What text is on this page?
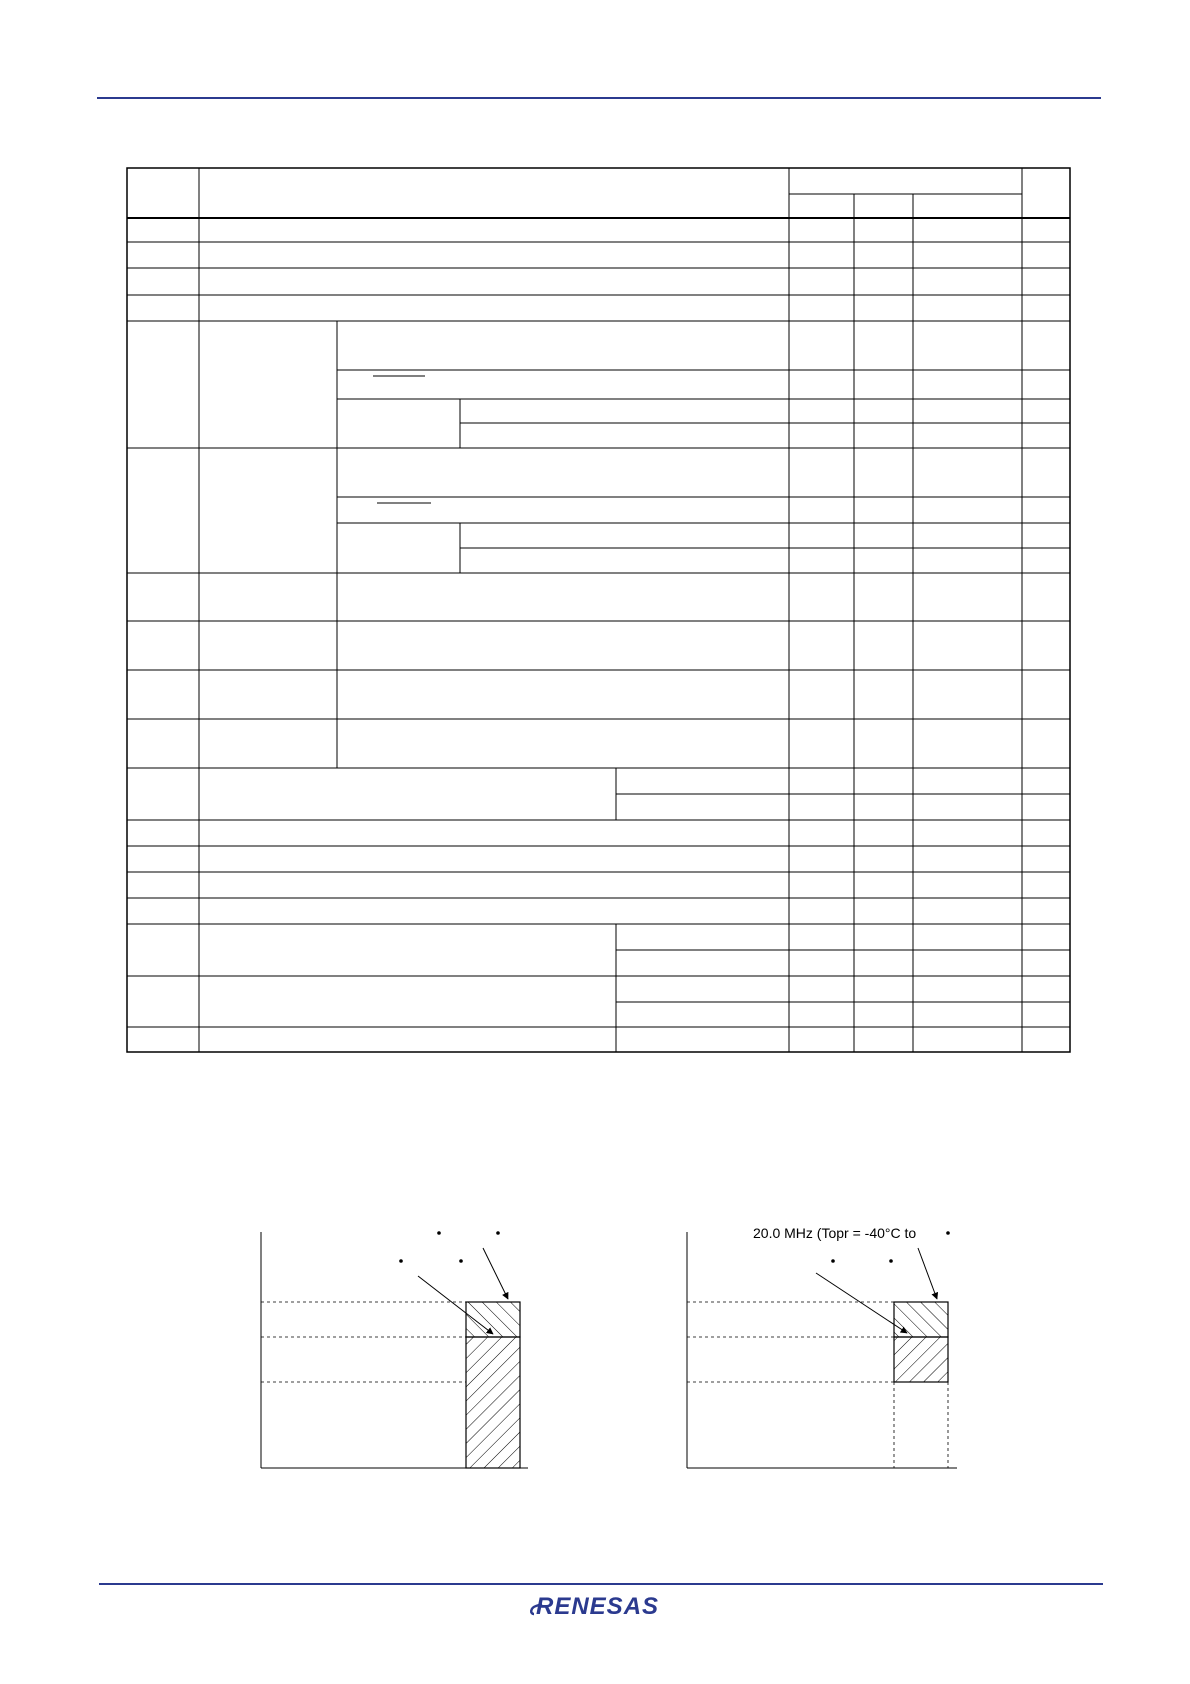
20.0 MHz (Topr = -40°C to
RENESAS
